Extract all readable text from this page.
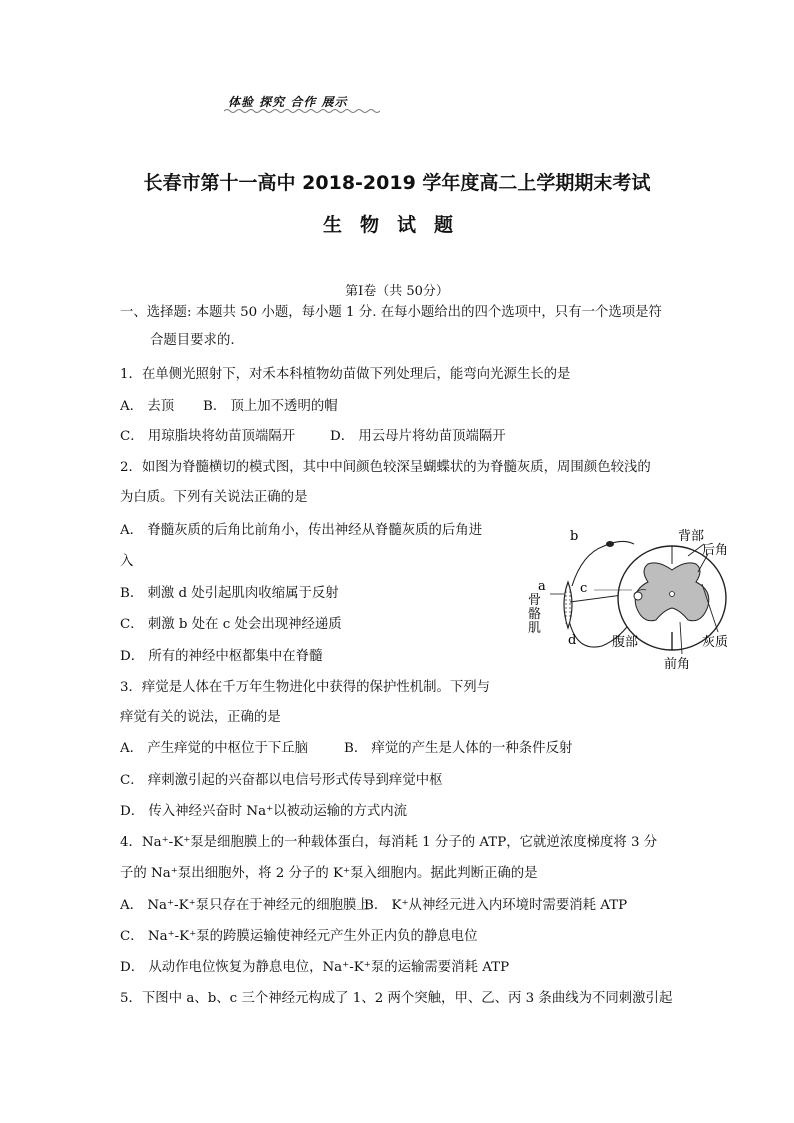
体验 探究 合作 展示
长春市第十一高中 2018-2019 学年度高二上学期期末考试
生物试题
第Ⅰ卷（共 50分）
一、选择题: 本题共 50 小题，每小题 1 分. 在每小题给出的四个选项中，只有一个选项是符
合题目要求的.
1．在单侧光照射下，对禾本科植物幼苗做下列处理后，能弯向光源生长的是
A． 去顶 B． 顶上加不透明的帽
C． 用琼脂块将幼苗顶端隔开	D． 用云母片将幼苗顶端隔开
2．如图为脊髓横切的模式图，其中中间颜色较深呈蝴蝶状的为脊髓灰质，周围颜色较浅的
为白质。下列有关说法正确的是
A． 脊髓灰质的后角比前角小，传出神经从脊髓灰质的后角进
入
B． 刺激 d 处引起肌肉收缩属于反射
C． 刺激 b 处在 c 处会出现神经递质
D． 所有的神经中枢都集中在脊髓
b
a	c
d
骨
骼
肌
背部
后角
灰质
腹部
前角
3．痒觉是人体在千万年生物进化中获得的保护性机制。下列与
痒觉有关的说法，正确的是
A． 产生痒觉的中枢位于下丘脑	B． 痒觉的产生是人体的一种条件反射
C． 痒刺激引起的兴奋都以电信号形式传导到痒觉中枢
D． 传入神经兴奋时 Na⁺以被动运输的方式内流
4．Na⁺-K⁺泵是细胞膜上的一种载体蛋白，每消耗 1 分子的 ATP，它就逆浓度梯度将 3 分
子的 Na⁺泵出细胞外，将 2 分子的 K⁺泵入细胞内。据此判断正确的是
A． Na⁺-K⁺泵只存在于神经元的细胞膜上
B． K⁺从神经元进入内环境时需要消耗 ATP
C． Na⁺-K⁺泵的跨膜运输使神经元产生外正内负的静息电位
D． 从动作电位恢复为静息电位，Na⁺-K⁺泵的运输需要消耗 ATP
5．下图中 a、b、c 三个神经元构成了 1、2 两个突触，甲、乙、丙 3 条曲线为不同刺激引起
